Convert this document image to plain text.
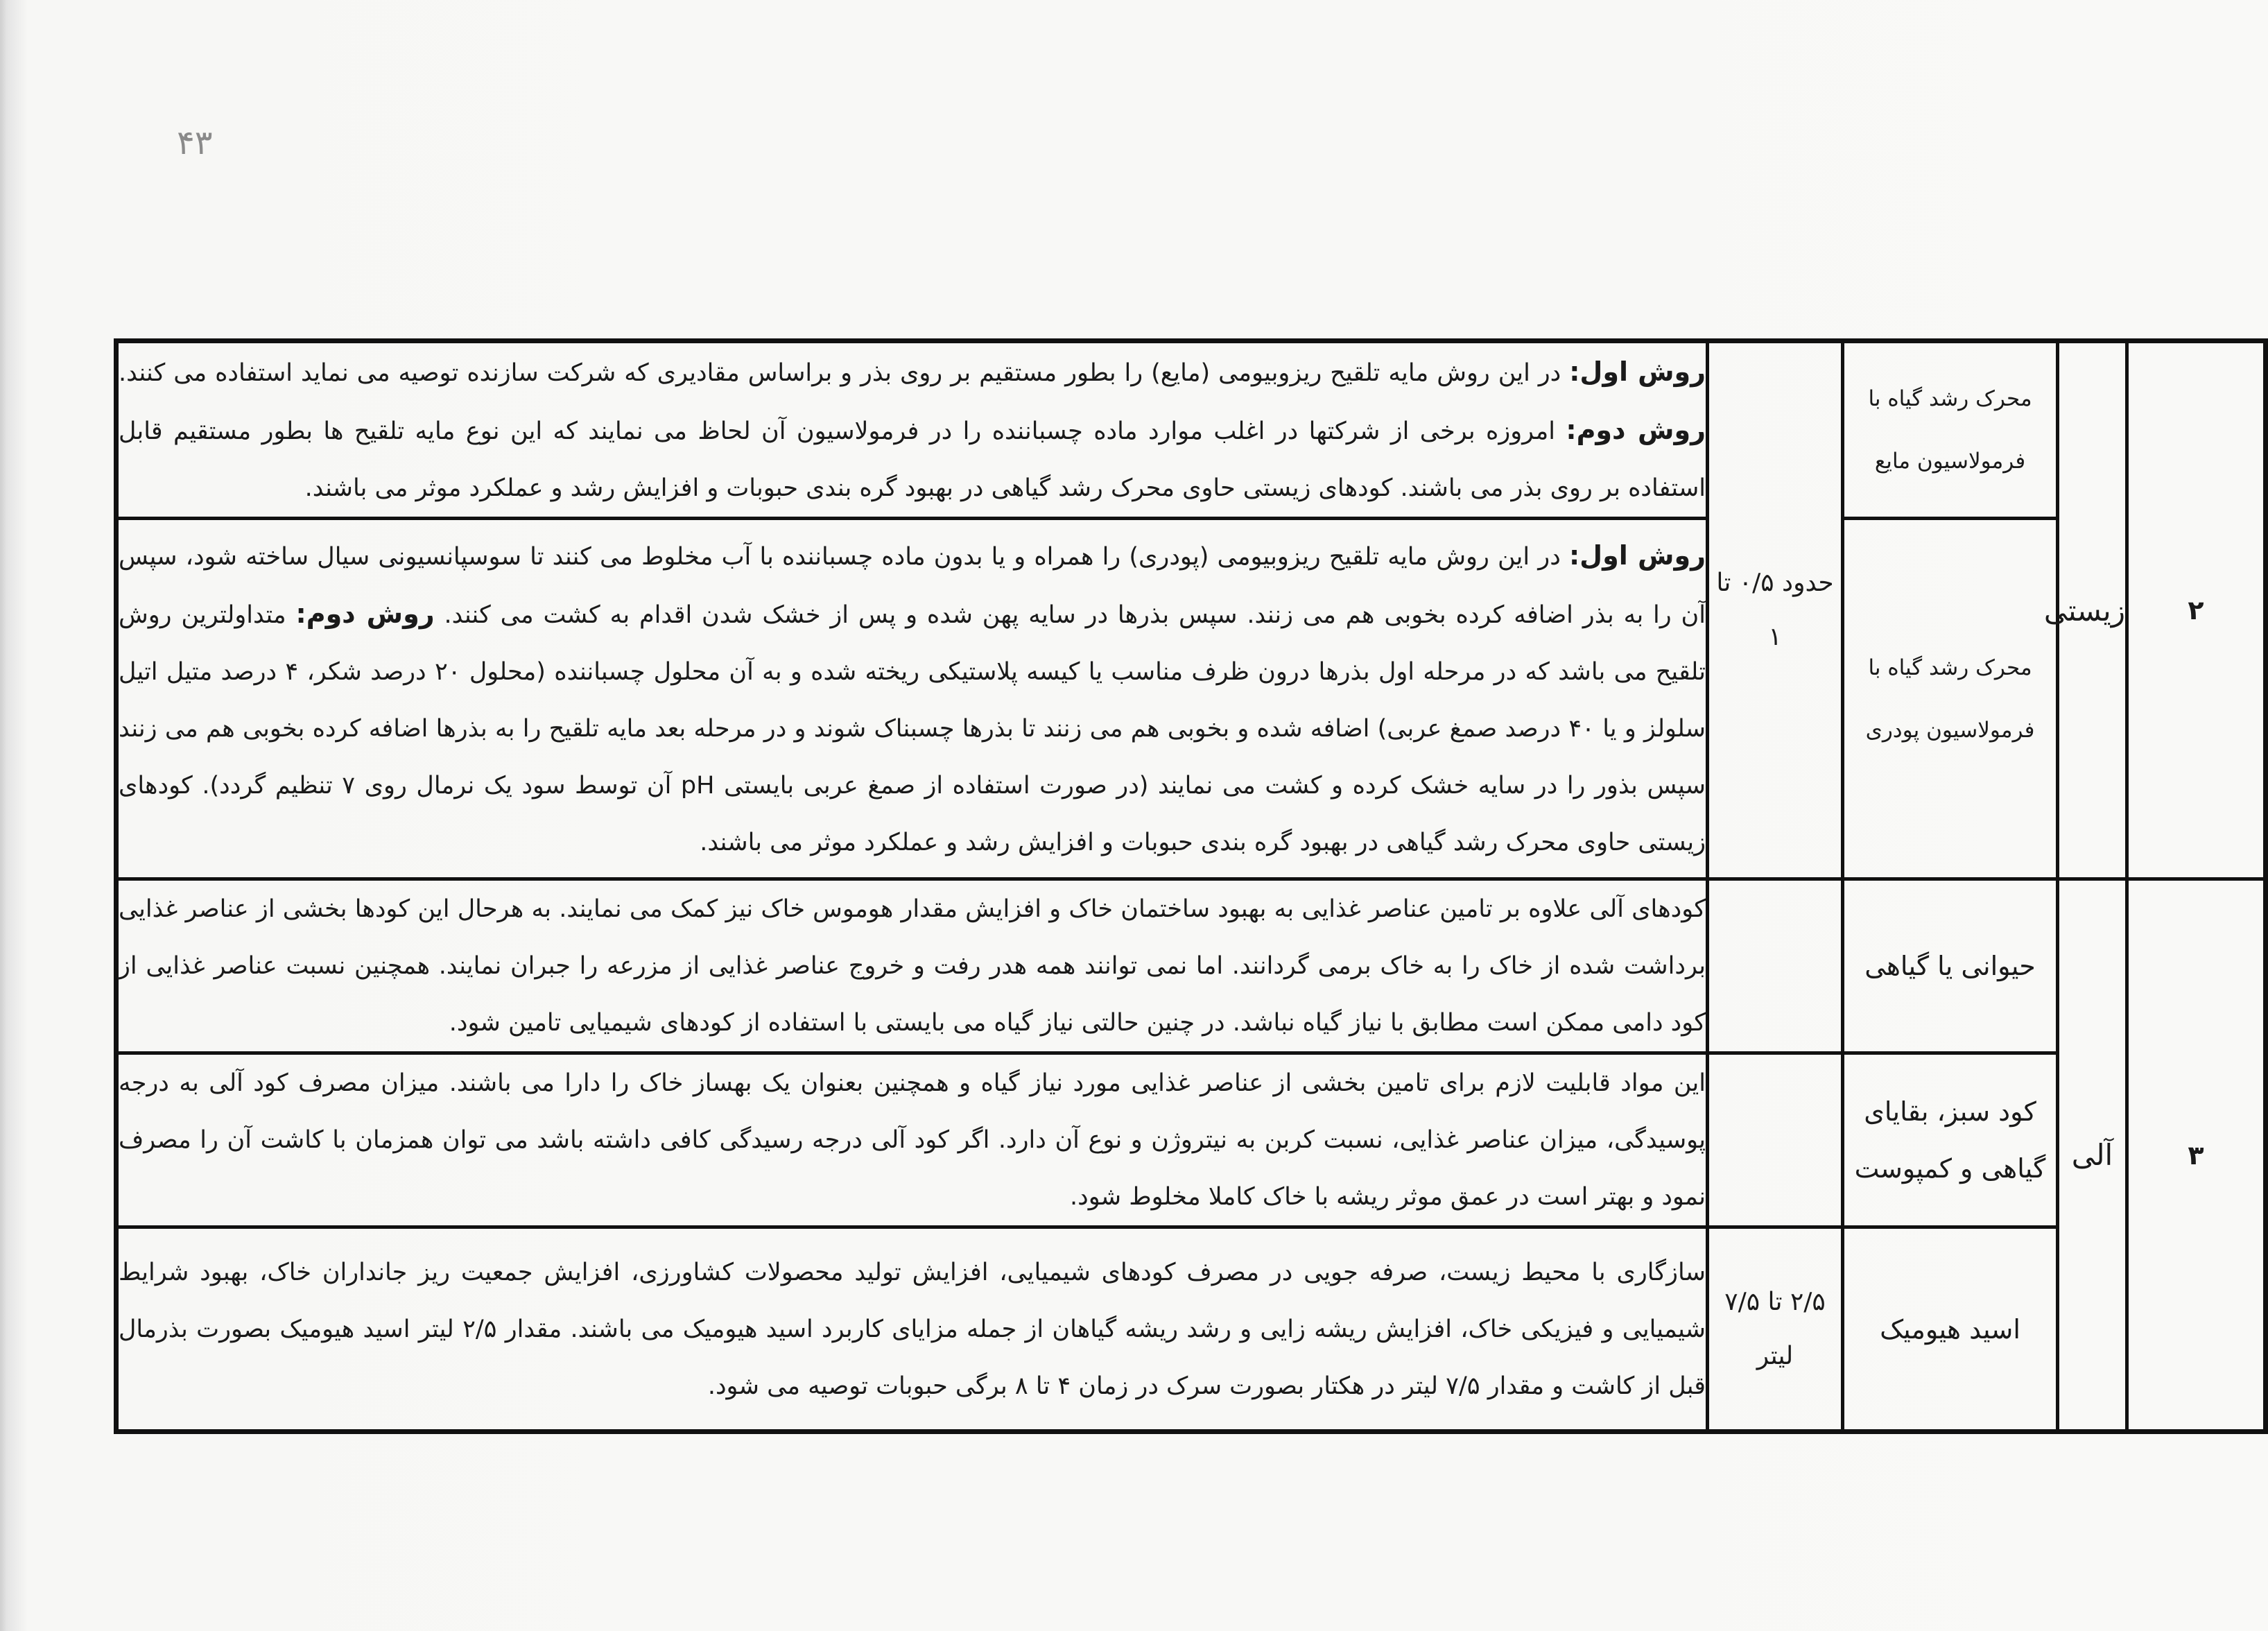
۴۳
۲	زیستی	محرک رشد گیاه با فرمولاسیون مایع	حدود ۰/۵ تا ۱	روش اول: در این روش مایه تلقیح ریزوبیومی (مایع) را بطور مستقیم بر روی بذر و براساس مقادیری که شرکت سازنده توصیه می نماید استفاده می کنند. روش دوم: امروزه برخی از شرکتها در اغلب موارد ماده چسباننده را در فرمولاسیون آن لحاظ می نمایند که این نوع مایه تلقیح ها بطور مستقیم قابل استفاده بر روی بذر می باشند. کودهای زیستی حاوی محرک رشد گیاهی در بهبود گره بندی حبوبات و افزایش رشد و عملکرد موثر می باشند.
		محرک رشد گیاه با فرمولاسیون پودری		روش اول: در این روش مایه تلقیح ریزوبیومی (پودری) را همراه و یا بدون ماده چسباننده با آب مخلوط می کنند تا سوسپانسیونی سیال ساخته شود، سپس آن را به بذر اضافه کرده بخوبی هم می زنند. سپس بذرها در سایه پهن شده و پس از خشک شدن اقدام به کشت می کنند. روش دوم: متداولترین روش تلقیح می باشد که در مرحله اول بذرها درون ظرف مناسب یا کیسه پلاستیکی ریخته شده و به آن محلول چسباننده (محلول ۲۰ درصد شکر، ۴ درصد متیل اتیل سلولز و یا ۴۰ درصد صمغ عربی) اضافه شده و بخوبی هم می زنند تا بذرها چسبناک شوند و در مرحله بعد مایه تلقیح را به بذرها اضافه کرده بخوبی هم می زنند سپس بذور را در سایه خشک کرده و کشت می نمایند (در صورت استفاده از صمغ عربی بایستی pH آن توسط سود یک نرمال روی ۷ تنظیم گردد). کودهای زیستی حاوی محرک رشد گیاهی در بهبود گره بندی حبوبات و افزایش رشد و عملکرد موثر می باشند.
۳	آلی	حیوانی یا گیاهی		کودهای آلی علاوه بر تامین عناصر غذایی به بهبود ساختمان خاک و افزایش مقدار هوموس خاک نیز کمک می نمایند. به هرحال این کودها بخشی از عناصر غذایی برداشت شده از خاک را به خاک برمی گردانند. اما نمی توانند همه هدر رفت و خروج عناصر غذایی از مزرعه را جبران نمایند. همچنین نسبت عناصر غذایی از کود دامی ممکن است مطابق با نیاز گیاه نباشد. در چنین حالتی نیاز گیاه می بایستی با استفاده از کودهای شیمیایی تامین شود.
		کود سبز، بقایای گیاهی و کمپوست		این مواد قابلیت لازم برای تامین بخشی از عناصر غذایی مورد نیاز گیاه و همچنین بعنوان یک بهساز خاک را دارا می باشند. میزان مصرف کود آلی به درجه پوسیدگی، میزان عناصر غذایی، نسبت کربن به نیتروژن و نوع آن دارد. اگر کود آلی درجه رسیدگی کافی داشته باشد می توان همزمان با کاشت آن را مصرف نمود و بهتر است در عمق موثر ریشه با خاک کاملا مخلوط شود.
		اسید هیومیک	۲/۵ تا ۷/۵ لیتر	سازگاری با محیط زیست، صرفه جویی در مصرف کودهای شیمیایی، افزایش تولید محصولات کشاورزی، افزایش جمعیت ریز جانداران خاک، بهبود شرایط شیمیایی و فیزیکی خاک، افزایش ریشه زایی و رشد ریشه گیاهان از جمله مزایای کاربرد اسید هیومیک می باشند. مقدار ۲/۵ لیتر اسید هیومیک بصورت بذرمال قبل از کاشت و مقدار ۷/۵ لیتر در هکتار بصورت سرک در زمان ۴ تا ۸ برگی حبوبات توصیه می شود.
